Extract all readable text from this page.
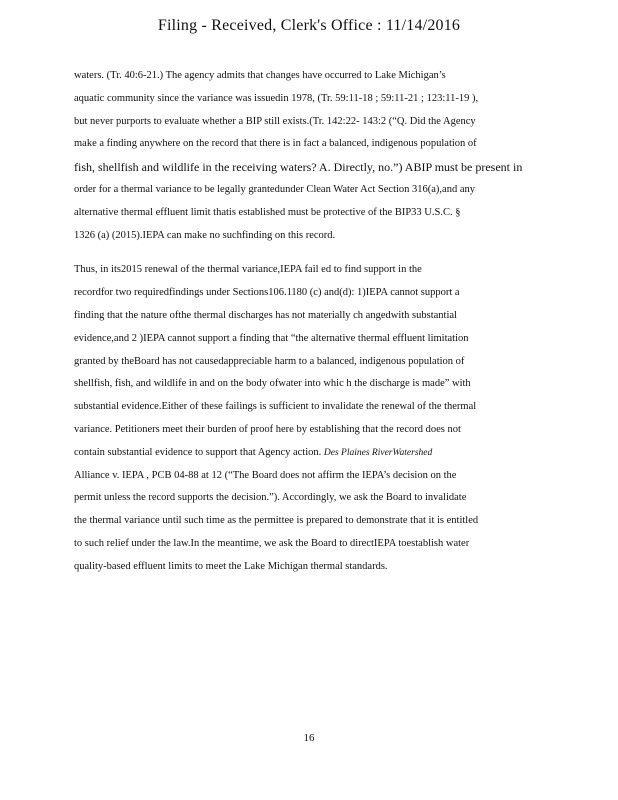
Filing - Received, Clerk's Office : 11/14/2016
waters. (Tr. 40:6-21.) The agency admits that changes have occurred to Lake Michigan’s
aquatic community since the variance was issuedin 1978, (Tr. 59:11-18 ; 59:11-21 ; 123:11-19 ),
but never purports to evaluate whether a BIP still exists.(Tr. 142:22- 143:2 (“Q. Did the Agency
make a finding anywhere on the record that there is in fact a balanced, indigenous population of
fish, shellfish and wildlife in the receiving waters? A. Directly, no.”) ABIP must be present in
order for a thermal variance to be legally grantedunder Clean Water Act Section 316(a),and any
alternative thermal effluent limit thatis established must be protective of the BIP33 U.S.C. §
1326 (a) (2015).IEPA can make no suchfinding on this record.
Thus, in its2015 renewal of the thermal variance,IEPA fail ed to find support in the
recordfor two requiredfindings under Sections106.1180 (c) and(d): 1)IEPA cannot support a
finding that the nature ofthe thermal discharges has not materially ch angedwith substantial
evidence,and 2 )IEPA cannot support a finding that “the alternative thermal effluent limitation
granted by theBoard has not causedappreciable harm to a balanced, indigenous population of
shellfish, fish, and wildlife in and on the body ofwater into whic h the discharge is made” with
substantial evidence.Either of these failings is sufficient to invalidate the renewal of the thermal
variance. Petitioners meet their burden of proof here by establishing that the record does not
contain substantial evidence to support that Agency action. Des Plaines RiverWatershed
Alliance v. IEPA , PCB 04-88 at 12 (“The Board does not affirm the IEPA’s decision on the
permit unless the record supports the decision.”). Accordingly, we ask the Board to invalidate
the thermal variance until such time as the permittee is prepared to demonstrate that it is entitled
to such relief under the law.In the meantime, we ask the Board to directIEPA toestablish water
quality-based effluent limits to meet the Lake Michigan thermal standards.
16
